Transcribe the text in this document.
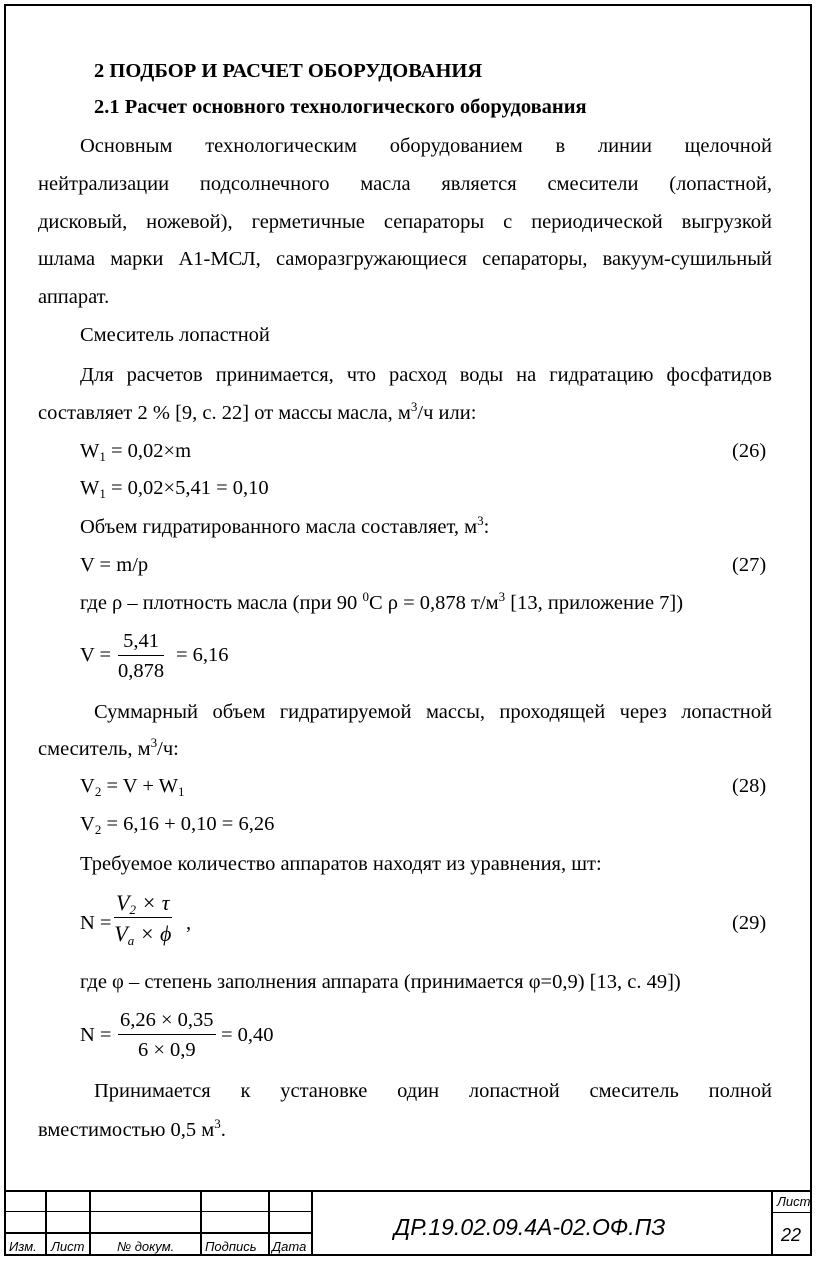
2 ПОДБОР И РАСЧЕТ ОБОРУДОВАНИЯ
2.1 Расчет основного технологического оборудования
Основным технологическим оборудованием в линии щелочной
нейтрализации подсолнечного масла является смесители (лопастной,
дисковый, ножевой), герметичные сепараторы с периодической выгрузкой
шлама марки А1-МСЛ, саморазгружающиеся сепараторы, вакуум-сушильный
аппарат.
Смеситель лопастной
Для расчетов принимается, что расход воды на гидратацию фосфатидов
составляет 2 % [9, с. 22] от массы масла, $м^3/ч$ или:
$W_1 = 0,02\times m$	(26)
$W_1 = 0,02\times 5,41 = 0,10$
Объем гидратированного масла составляет, $м^3$:
V = m/p	(27)
где ρ – плотность масла (при 90 $^0$С ρ = 0,878 $т/м^3$ [13, приложение 7])
$V = \frac{5,41}{0,878} = 6,16$
Суммарный объем гидратируемой массы, проходящей через лопастной
смеситель, $м^3/ч$:
$V_2 = V + W_1$	(28)
$V_2 = 6,16 + 0,10 = 6,26$
Требуемое количество аппаратов находят из уравнения, шт:
$N = \frac{V_2 \times \tau}{V_a \times \phi}$ ,	(29)
где φ – степень заполнения аппарата (принимается φ=0,9) [13, с. 49])
$N = \frac{6,26 \times 0,35}{6 \times 0,9} = 0,40$
Принимается к установке один лопастной смеситель полной
вместимостью 0,5 $м^3$.
Изм. Лист	№ докум. Подпись Дата
ДР.19.02.09.4А-02.ОФ.ПЗ
Лист
22
